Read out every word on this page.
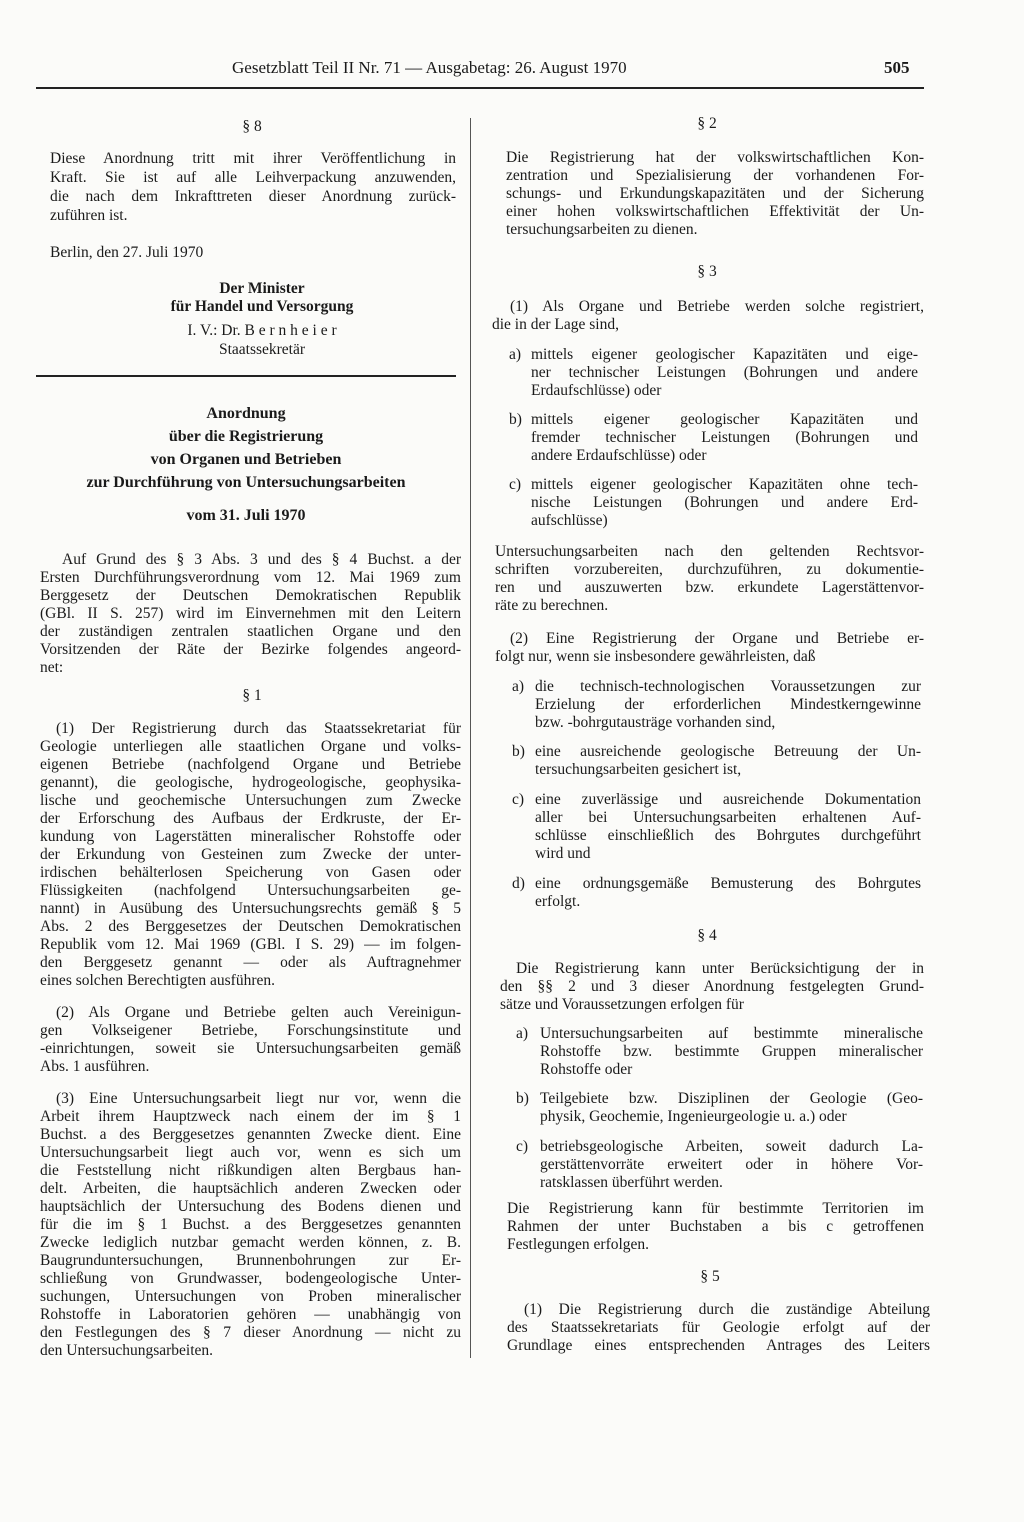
Gesetzblatt Teil II Nr. 71 — Ausgabetag: 26. August 1970	505
§ 8
Diese Anordnung tritt mit ihrer Veröffentlichung in
Kraft. Sie ist auf alle Leihverpackung anzuwenden,
die nach dem Inkrafttreten dieser Anordnung zurück-
zuführen ist.
Berlin, den 27. Juli 1970
Der Minister
für Handel und Versorgung
I. V.: Dr. B e r n h e i e r
Staatssekretär
Anordnung
über die Registrierung
von Organen und Betrieben
zur Durchführung von Untersuchungsarbeiten
vom 31. Juli 1970
Auf Grund des § 3 Abs. 3 und des § 4 Buchst. a der
Ersten Durchführungsverordnung vom 12. Mai 1969 zum
Berggesetz der Deutschen Demokratischen Republik
(GBl. II S. 257) wird im Einvernehmen mit den Leitern
der zuständigen zentralen staatlichen Organe und den
Vorsitzenden der Räte der Bezirke folgendes angeord-
net:
§ 1
(1) Der Registrierung durch das Staatssekretariat für
Geologie unterliegen alle staatlichen Organe und volks-
eigenen Betriebe (nachfolgend Organe und Betriebe
genannt), die geologische, hydrogeologische, geophysika-
lische und geochemische Untersuchungen zum Zwecke
der Erforschung des Aufbaus der Erdkruste, der Er-
kundung von Lagerstätten mineralischer Rohstoffe oder
der Erkundung von Gesteinen zum Zwecke der unter-
irdischen behälterlosen Speicherung von Gasen oder
Flüssigkeiten (nachfolgend Untersuchungsarbeiten ge-
nannt) in Ausübung des Untersuchungsrechts gemäß § 5
Abs. 2 des Berggesetzes der Deutschen Demokratischen
Republik vom 12. Mai 1969 (GBl. I S. 29) — im folgen-
den Berggesetz genannt — oder als Auftragnehmer
eines solchen Berechtigten ausführen.
(2) Als Organe und Betriebe gelten auch Vereinigun-
gen Volkseigener Betriebe, Forschungsinstitute und
-einrichtungen, soweit sie Untersuchungsarbeiten gemäß
Abs. 1 ausführen.
(3) Eine Untersuchungsarbeit liegt nur vor, wenn die
Arbeit ihrem Hauptzweck nach einem der im § 1
Buchst. a des Berggesetzes genannten Zwecke dient. Eine
Untersuchungsarbeit liegt auch vor, wenn es sich um
die Feststellung nicht rißkundigen alten Bergbaus han-
delt. Arbeiten, die hauptsächlich anderen Zwecken oder
hauptsächlich der Untersuchung des Bodens dienen und
für die im § 1 Buchst. a des Berggesetzes genannten
Zwecke lediglich nutzbar gemacht werden können, z. B.
Baugrunduntersuchungen, Brunnenbohrungen zur Er-
schließung von Grundwasser, bodengeologische Unter-
suchungen, Untersuchungen von Proben mineralischer
Rohstoffe in Laboratorien gehören — unabhängig von
den Festlegungen des § 7 dieser Anordnung — nicht zu
den Untersuchungsarbeiten.
§ 2
Die Registrierung hat der volkswirtschaftlichen Kon-
zentration und Spezialisierung der vorhandenen For-
schungs- und Erkundungskapazitäten und der Sicherung
einer hohen volkswirtschaftlichen Effektivität der Un-
tersuchungsarbeiten zu dienen.
§ 3
(1) Als Organe und Betriebe werden solche registriert,
die in der Lage sind,
a) mittels eigener geologischer Kapazitäten und eige-
ner technischer Leistungen (Bohrungen und andere
Erdaufschlüsse) oder
b) mittels eigener geologischer Kapazitäten und
fremder technischer Leistungen (Bohrungen und
andere Erdaufschlüsse) oder
c) mittels eigener geologischer Kapazitäten ohne tech-
nische Leistungen (Bohrungen und andere Erd-
aufschlüsse)
Untersuchungsarbeiten nach den geltenden Rechtsvor-
schriften vorzubereiten, durchzuführen, zu dokumentie-
ren und auszuwerten bzw. erkundete Lagerstättenvor-
räte zu berechnen.
(2) Eine Registrierung der Organe und Betriebe er-
folgt nur, wenn sie insbesondere gewährleisten, daß
a) die technisch-technologischen Voraussetzungen zur
Erzielung der erforderlichen Mindestkerngewinne
bzw. -bohrgutausträge vorhanden sind,
b) eine ausreichende geologische Betreuung der Un-
tersuchungsarbeiten gesichert ist,
c) eine zuverlässige und ausreichende Dokumentation
aller bei Untersuchungsarbeiten erhaltenen Auf-
schlüsse einschließlich des Bohrgutes durchgeführt
wird und
d) eine ordnungsgemäße Bemusterung des Bohrgutes
erfolgt.
§ 4
Die Registrierung kann unter Berücksichtigung der in
den §§ 2 und 3 dieser Anordnung festgelegten Grund-
sätze und Voraussetzungen erfolgen für
a) Untersuchungsarbeiten auf bestimmte mineralische
Rohstoffe bzw. bestimmte Gruppen mineralischer
Rohstoffe oder
b) Teilgebiete bzw. Disziplinen der Geologie (Geo-
physik, Geochemie, Ingenieurgeologie u. a.) oder
c) betriebsgeologische Arbeiten, soweit dadurch La-
gerstättenvorräte erweitert oder in höhere Vor-
ratsklassen überführt werden.
Die Registrierung kann für bestimmte Territorien im
Rahmen der unter Buchstaben a bis c getroffenen
Festlegungen erfolgen.
§ 5
(1) Die Registrierung durch die zuständige Abteilung
des Staatssekretariats für Geologie erfolgt auf der
Grundlage eines entsprechenden Antrages des Leiters
